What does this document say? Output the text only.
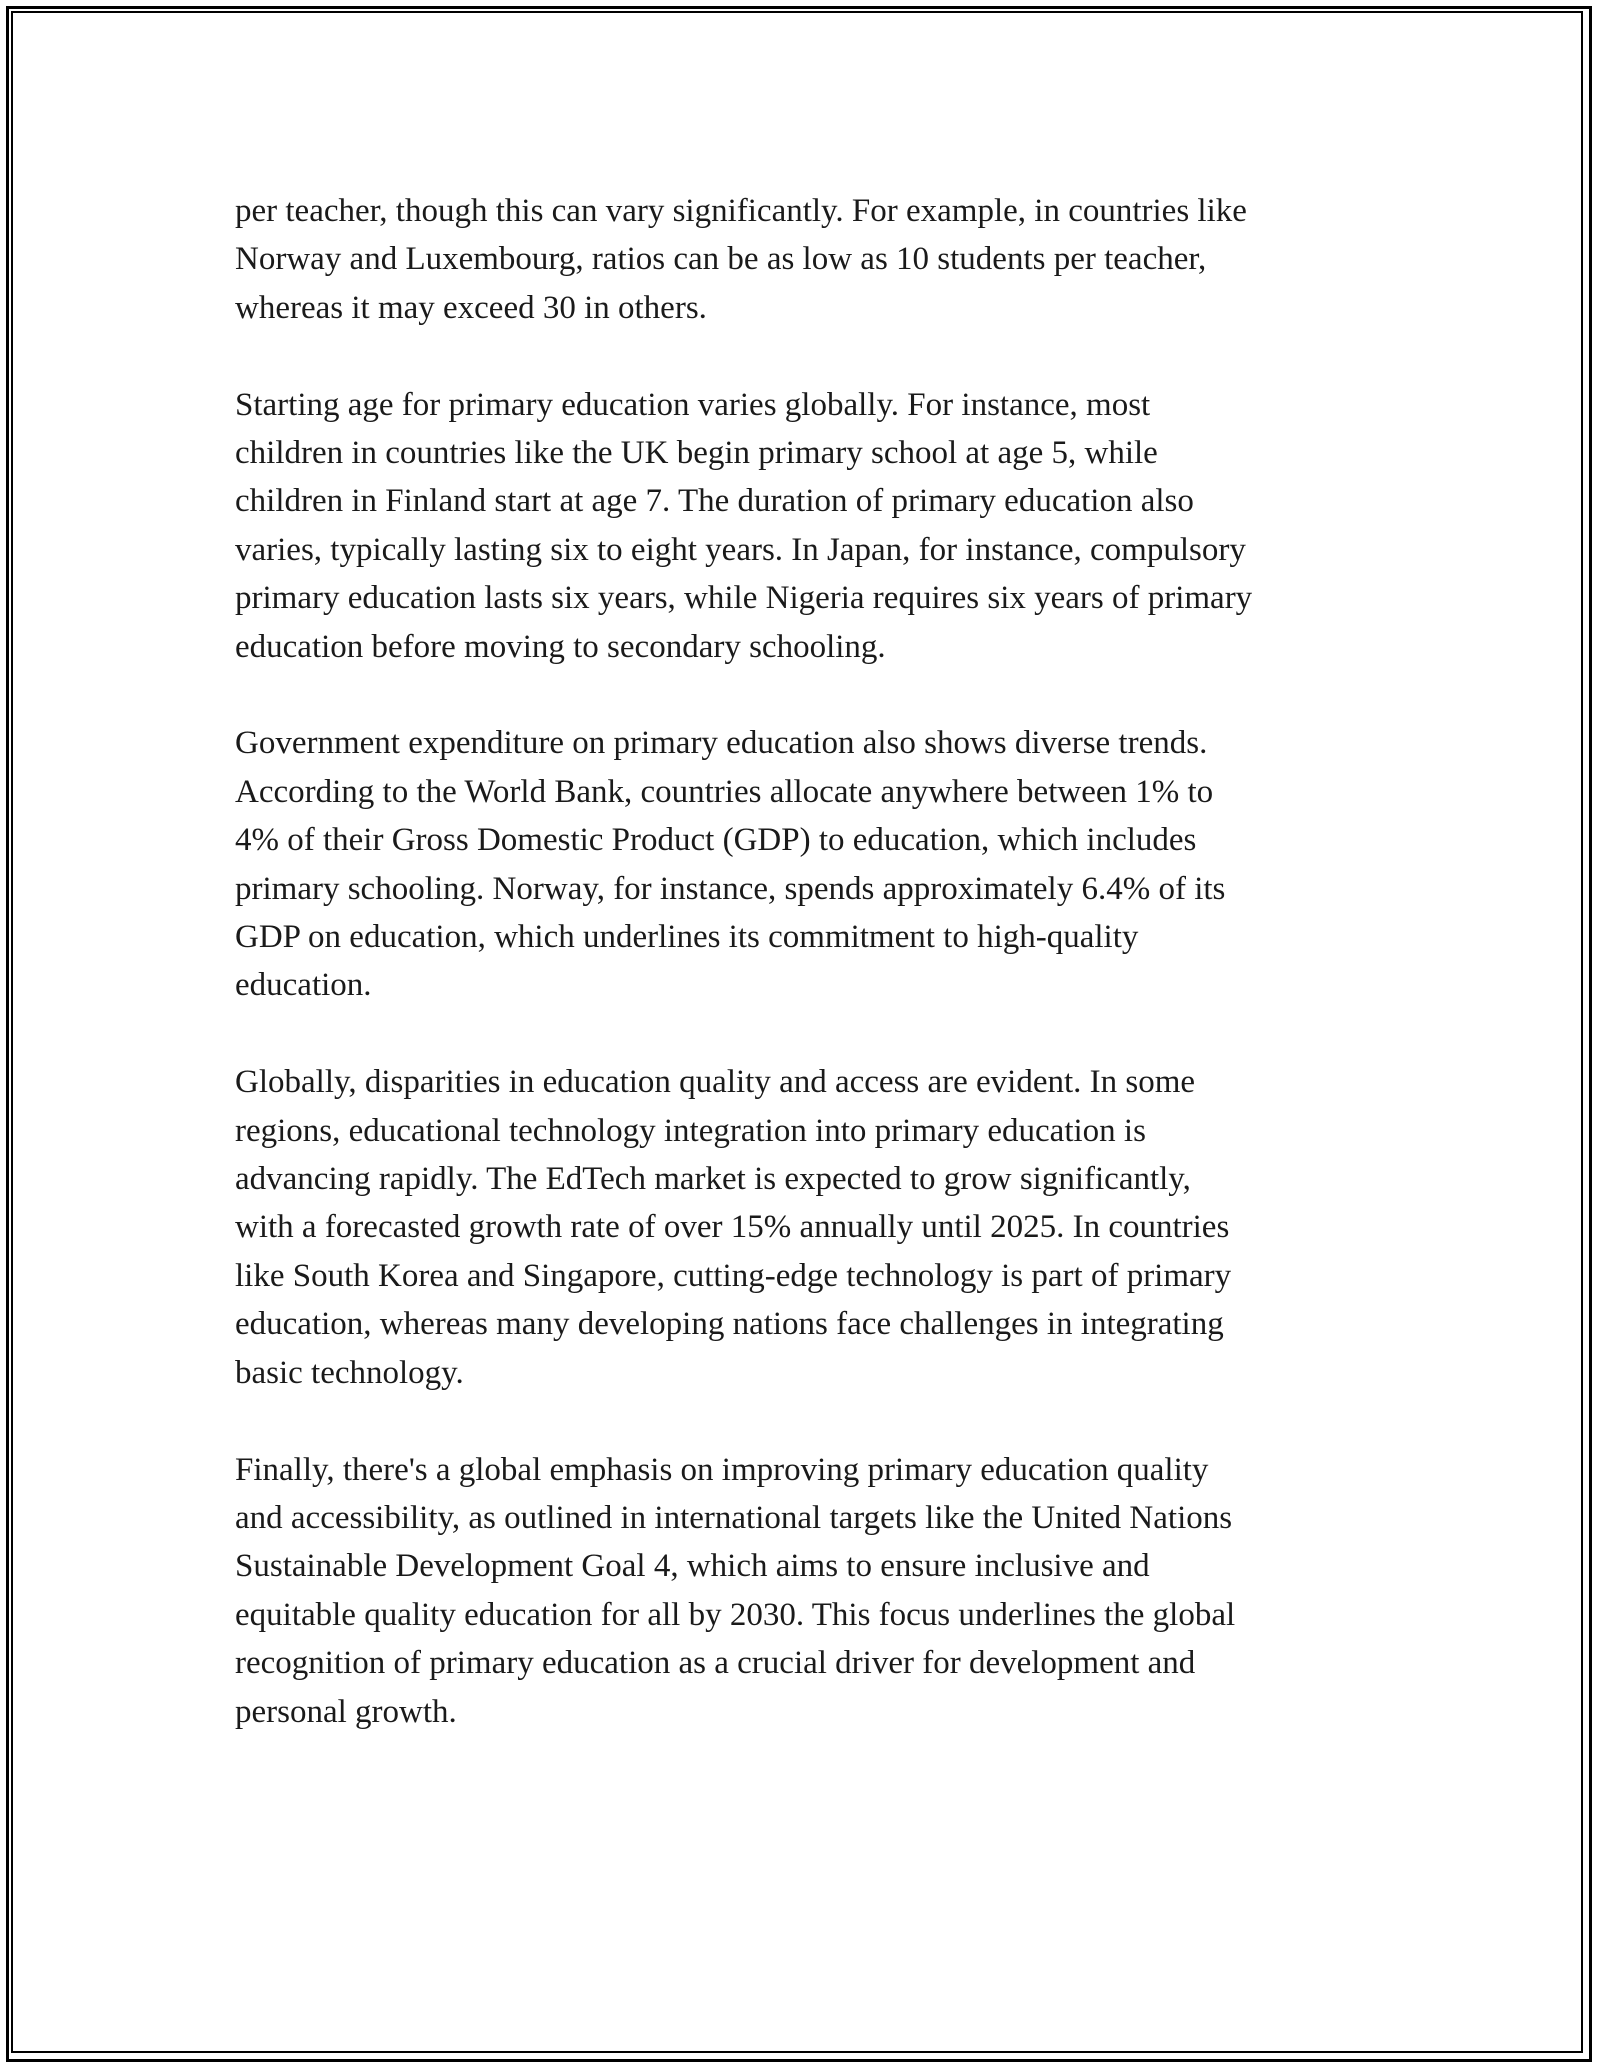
per teacher, though this can vary significantly. For example, in countries like
Norway and Luxembourg, ratios can be as low as 10 students per teacher,
whereas it may exceed 30 in others.

Starting age for primary education varies globally. For instance, most
children in countries like the UK begin primary school at age 5, while
children in Finland start at age 7. The duration of primary education also
varies, typically lasting six to eight years. In Japan, for instance, compulsory
primary education lasts six years, while Nigeria requires six years of primary
education before moving to secondary schooling.

Government expenditure on primary education also shows diverse trends.
According to the World Bank, countries allocate anywhere between 1% to
4% of their Gross Domestic Product (GDP) to education, which includes
primary schooling. Norway, for instance, spends approximately 6.4% of its
GDP on education, which underlines its commitment to high-quality
education.

Globally, disparities in education quality and access are evident. In some
regions, educational technology integration into primary education is
advancing rapidly. The EdTech market is expected to grow significantly,
with a forecasted growth rate of over 15% annually until 2025. In countries
like South Korea and Singapore, cutting-edge technology is part of primary
education, whereas many developing nations face challenges in integrating
basic technology.

Finally, there's a global emphasis on improving primary education quality
and accessibility, as outlined in international targets like the United Nations
Sustainable Development Goal 4, which aims to ensure inclusive and
equitable quality education for all by 2030. This focus underlines the global
recognition of primary education as a crucial driver for development and
personal growth.
